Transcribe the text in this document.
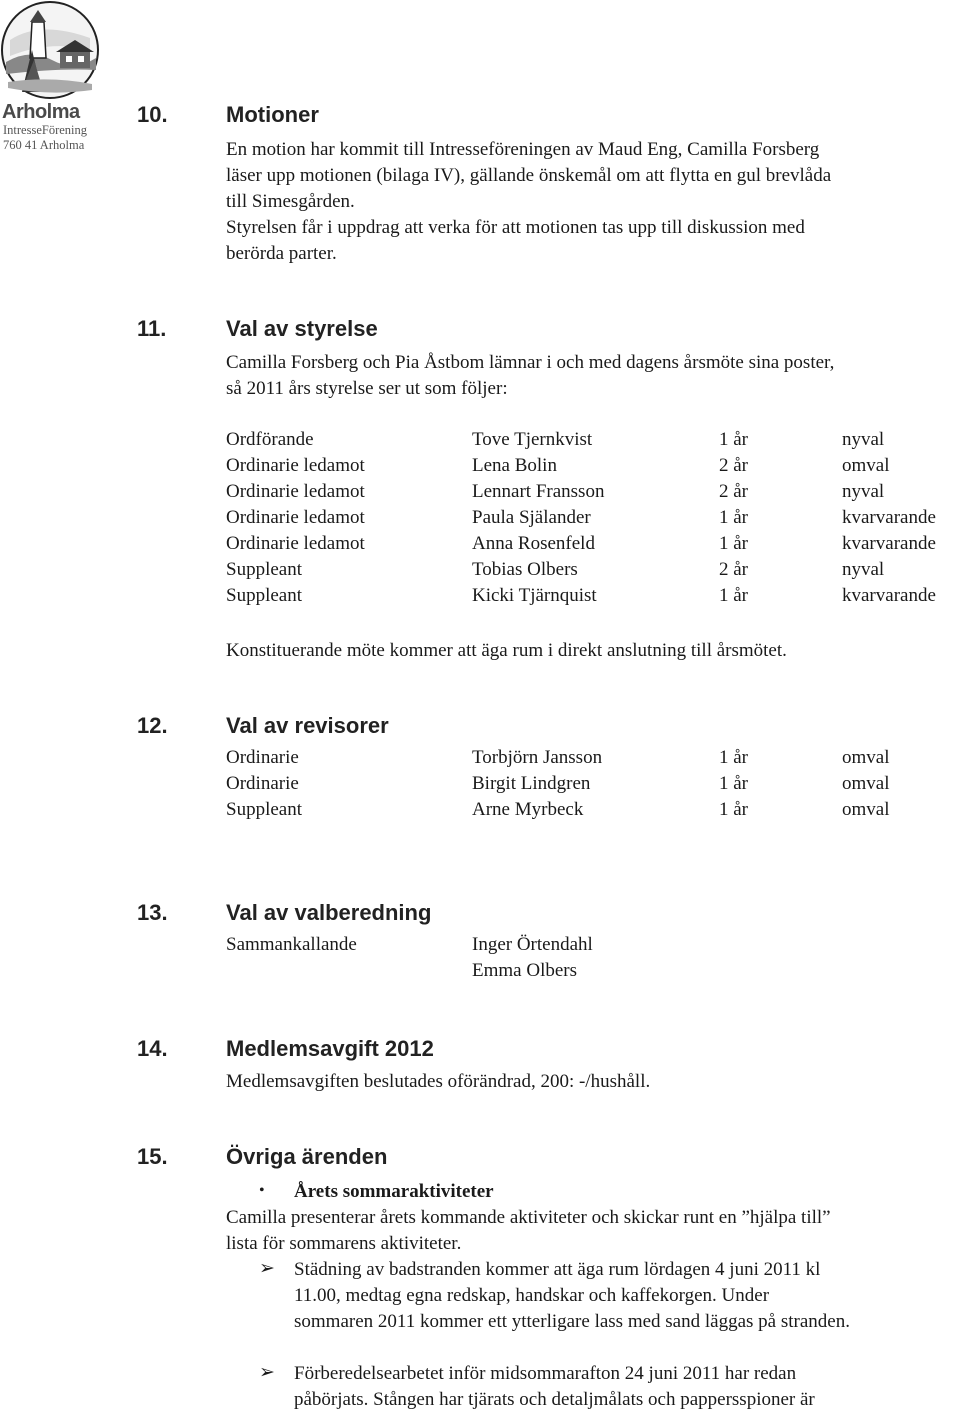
Arholma
IntresseFörening
760 41 Arholma
10.	Motioner
En motion har kommit till Intresseföreningen av Maud Eng, Camilla Forsberg
läser upp motionen (bilaga IV), gällande önskemål om att flytta en gul brevlåda
till Simesgården.
Styrelsen får i uppdrag att verka för att motionen tas upp till diskussion med
berörda parter.
11.	Val av styrelse
Camilla Forsberg och Pia Åstbom lämnar i och med dagens årsmöte sina poster,
så 2011 års styrelse ser ut som följer:
Ordförande	Tove Tjernkvist	1 år	nyval
Ordinarie ledamot	Lena Bolin	2 år	omval
Ordinarie ledamot	Lennart Fransson	2 år	nyval
Ordinarie ledamot	Paula Själander	1 år	kvarvarande
Ordinarie ledamot	Anna Rosenfeld	1 år	kvarvarande
Suppleant	Tobias Olbers	2 år	nyval
Suppleant	Kicki Tjärnquist	1 år	kvarvarande
Konstituerande möte kommer att äga rum i direkt anslutning till årsmötet.
12.	Val av revisorer
Ordinarie	Torbjörn Jansson	1 år	omval
Ordinarie	Birgit Lindgren	1 år	omval
Suppleant	Arne Myrbeck	1 år	omval
13.	Val av valberedning
Sammankallande	Inger Örtendahl
Emma Olbers
14.	Medlemsavgift 2012
Medlemsavgiften beslutades oförändrad, 200: -/hushåll.
15.	Övriga ärenden
• Årets sommaraktiviteter
Camilla presenterar årets kommande aktiviteter och skickar runt en ”hjälpa till”
lista för sommarens aktiviteter.
➢ Städning av badstranden kommer att äga rum lördagen 4 juni 2011 kl
11.00, medtag egna redskap, handskar och kaffekorgen. Under
sommaren 2011 kommer ett ytterligare lass med sand läggas på stranden.
➢ Förberedelsearbetet inför midsommarafton 24 juni 2011 har redan
påbörjats. Stången har tjärats och detaljmålats och pappersspioner är
